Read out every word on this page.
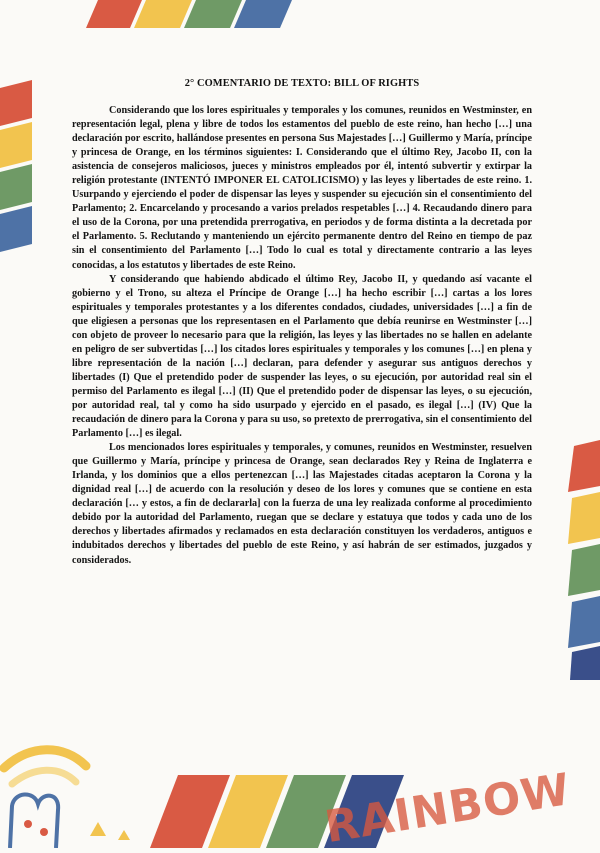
RAINBOW
2° COMENTARIO DE TEXTO: BILL OF RIGHTS

Considerando que los lores espirituales y temporales y los comunes, reunidos en Westminster, en representación legal, plena y libre de todos los estamentos del pueblo de este reino, han hecho […] una declaración por escrito, hallándose presentes en persona Sus Majestades […] Guillermo y María, príncipe y princesa de Orange, en los términos siguientes: I. Considerando que el último Rey, Jacobo II, con la asistencia de consejeros maliciosos, jueces y ministros empleados por él, intentó subvertir y extirpar la religión protestante (INTENTÓ IMPONER EL CATOLICISMO) y las leyes y libertades de este reino. 1. Usurpando y ejerciendo el poder de dispensar las leyes y suspender su ejecución sin el consentimiento del Parlamento; 2. Encarcelando y procesando a varios prelados respetables […] 4. Recaudando dinero para el uso de la Corona, por una pretendida prerrogativa, en periodos y de forma distinta a la decretada por el Parlamento. 5. Reclutando y manteniendo un ejército permanente dentro del Reino en tiempo de paz sin el consentimiento del Parlamento […] Todo lo cual es total y directamente contrario a las leyes conocidas, a los estatutos y libertades de este Reino.

Y considerando que habiendo abdicado el último Rey, Jacobo II, y quedando así vacante el gobierno y el Trono, su alteza el Príncipe de Orange […] ha hecho escribir […] cartas a los lores espirituales y temporales protestantes y a los diferentes condados, ciudades, universidades […] a fin de que eligiesen a personas que los representasen en el Parlamento que debía reunirse en Westminster […] con objeto de proveer lo necesario para que la religión, las leyes y las libertades no se hallen en adelante en peligro de ser subvertidas […] los citados lores espirituales y temporales y los comunes […] en plena y libre representación de la nación […] declaran, para defender y asegurar sus antiguos derechos y libertades (I) Que el pretendido poder de suspender las leyes, o su ejecución, por autoridad real sin el permiso del Parlamento es ilegal […] (II) Que el pretendido poder de dispensar las leyes, o su ejecución, por autoridad real, tal y como ha sido usurpado y ejercido en el pasado, es ilegal […] (IV) Que la recaudación de dinero para la Corona y para su uso, so pretexto de prerrogativa, sin el consentimiento del Parlamento […] es ilegal.

Los mencionados lores espirituales y temporales, y comunes, reunidos en Westminster, resuelven que Guillermo y María, príncipe y princesa de Orange, sean declarados Rey y Reina de Inglaterra e Irlanda, y los dominios que a ellos pertenezcan […] las Majestades citadas aceptaron la Corona y la dignidad real […] de acuerdo con la resolución y deseo de los lores y comunes que se contiene en esta declaración [… y estos, a fin de declararla] con la fuerza de una ley realizada conforme al procedimiento debido por la autoridad del Parlamento, ruegan que se declare y estatuya que todos y cada uno de los derechos y libertades afirmados y reclamados en esta declaración constituyen los verdaderos, antiguos e indubitados derechos y libertades del pueblo de este Reino, y así habrán de ser estimados, juzgados y considerados.
